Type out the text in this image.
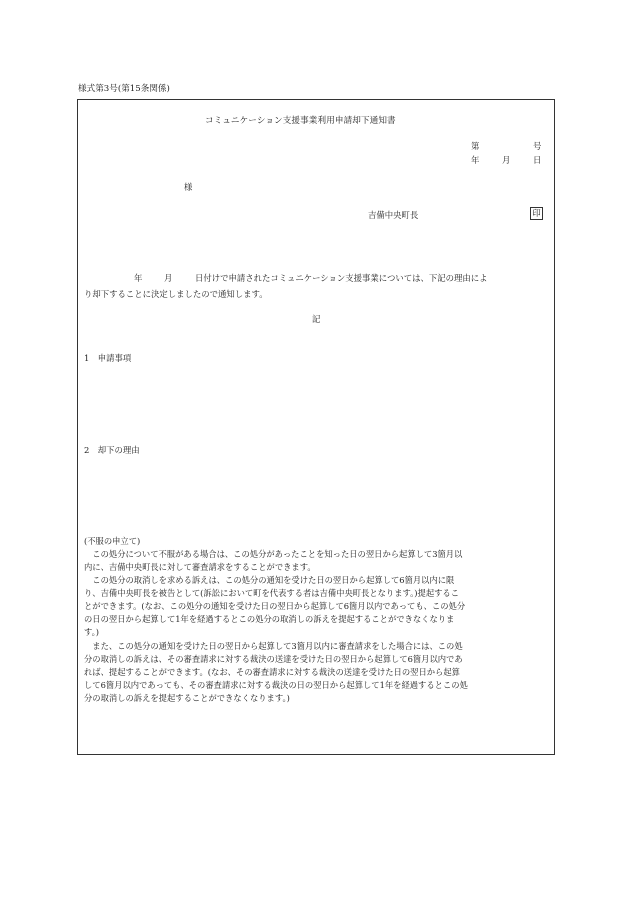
様式第3号(第15条関係)
コミュニケーション支援事業利用申請却下通知書
第	号
年	月	日
様
吉備中央町長	印
年	月	日付けで申請されたコミュニケーション支援事業については、下記の理由によ
り却下することに決定しましたので通知します。
記
1　申請事項
2　却下の理由
(不服の申立て)
　この処分について不服がある場合は、この処分があったことを知った日の翌日から起算して3箇月以
内に、吉備中央町長に対して審査請求をすることができます。
　この処分の取消しを求める訴えは、この処分の通知を受けた日の翌日から起算して6箇月以内に限
り、吉備中央町長を被告として(訴訟において町を代表する者は吉備中央町長となります。)提起するこ
とができます。(なお、この処分の通知を受けた日の翌日から起算して6箇月以内であっても、この処分
の日の翌日から起算して1年を経過するとこの処分の取消しの訴えを提起することができなくなりま
す。)
　また、この処分の通知を受けた日の翌日から起算して3箇月以内に審査請求をした場合には、この処
分の取消しの訴えは、その審査請求に対する裁決の送達を受けた日の翌日から起算して6箇月以内であ
れば、提起することができます。(なお、その審査請求に対する裁決の送達を受けた日の翌日から起算
して6箇月以内であっても、その審査請求に対する裁決の日の翌日から起算して1年を経過するとこの処
分の取消しの訴えを提起することができなくなります。)
